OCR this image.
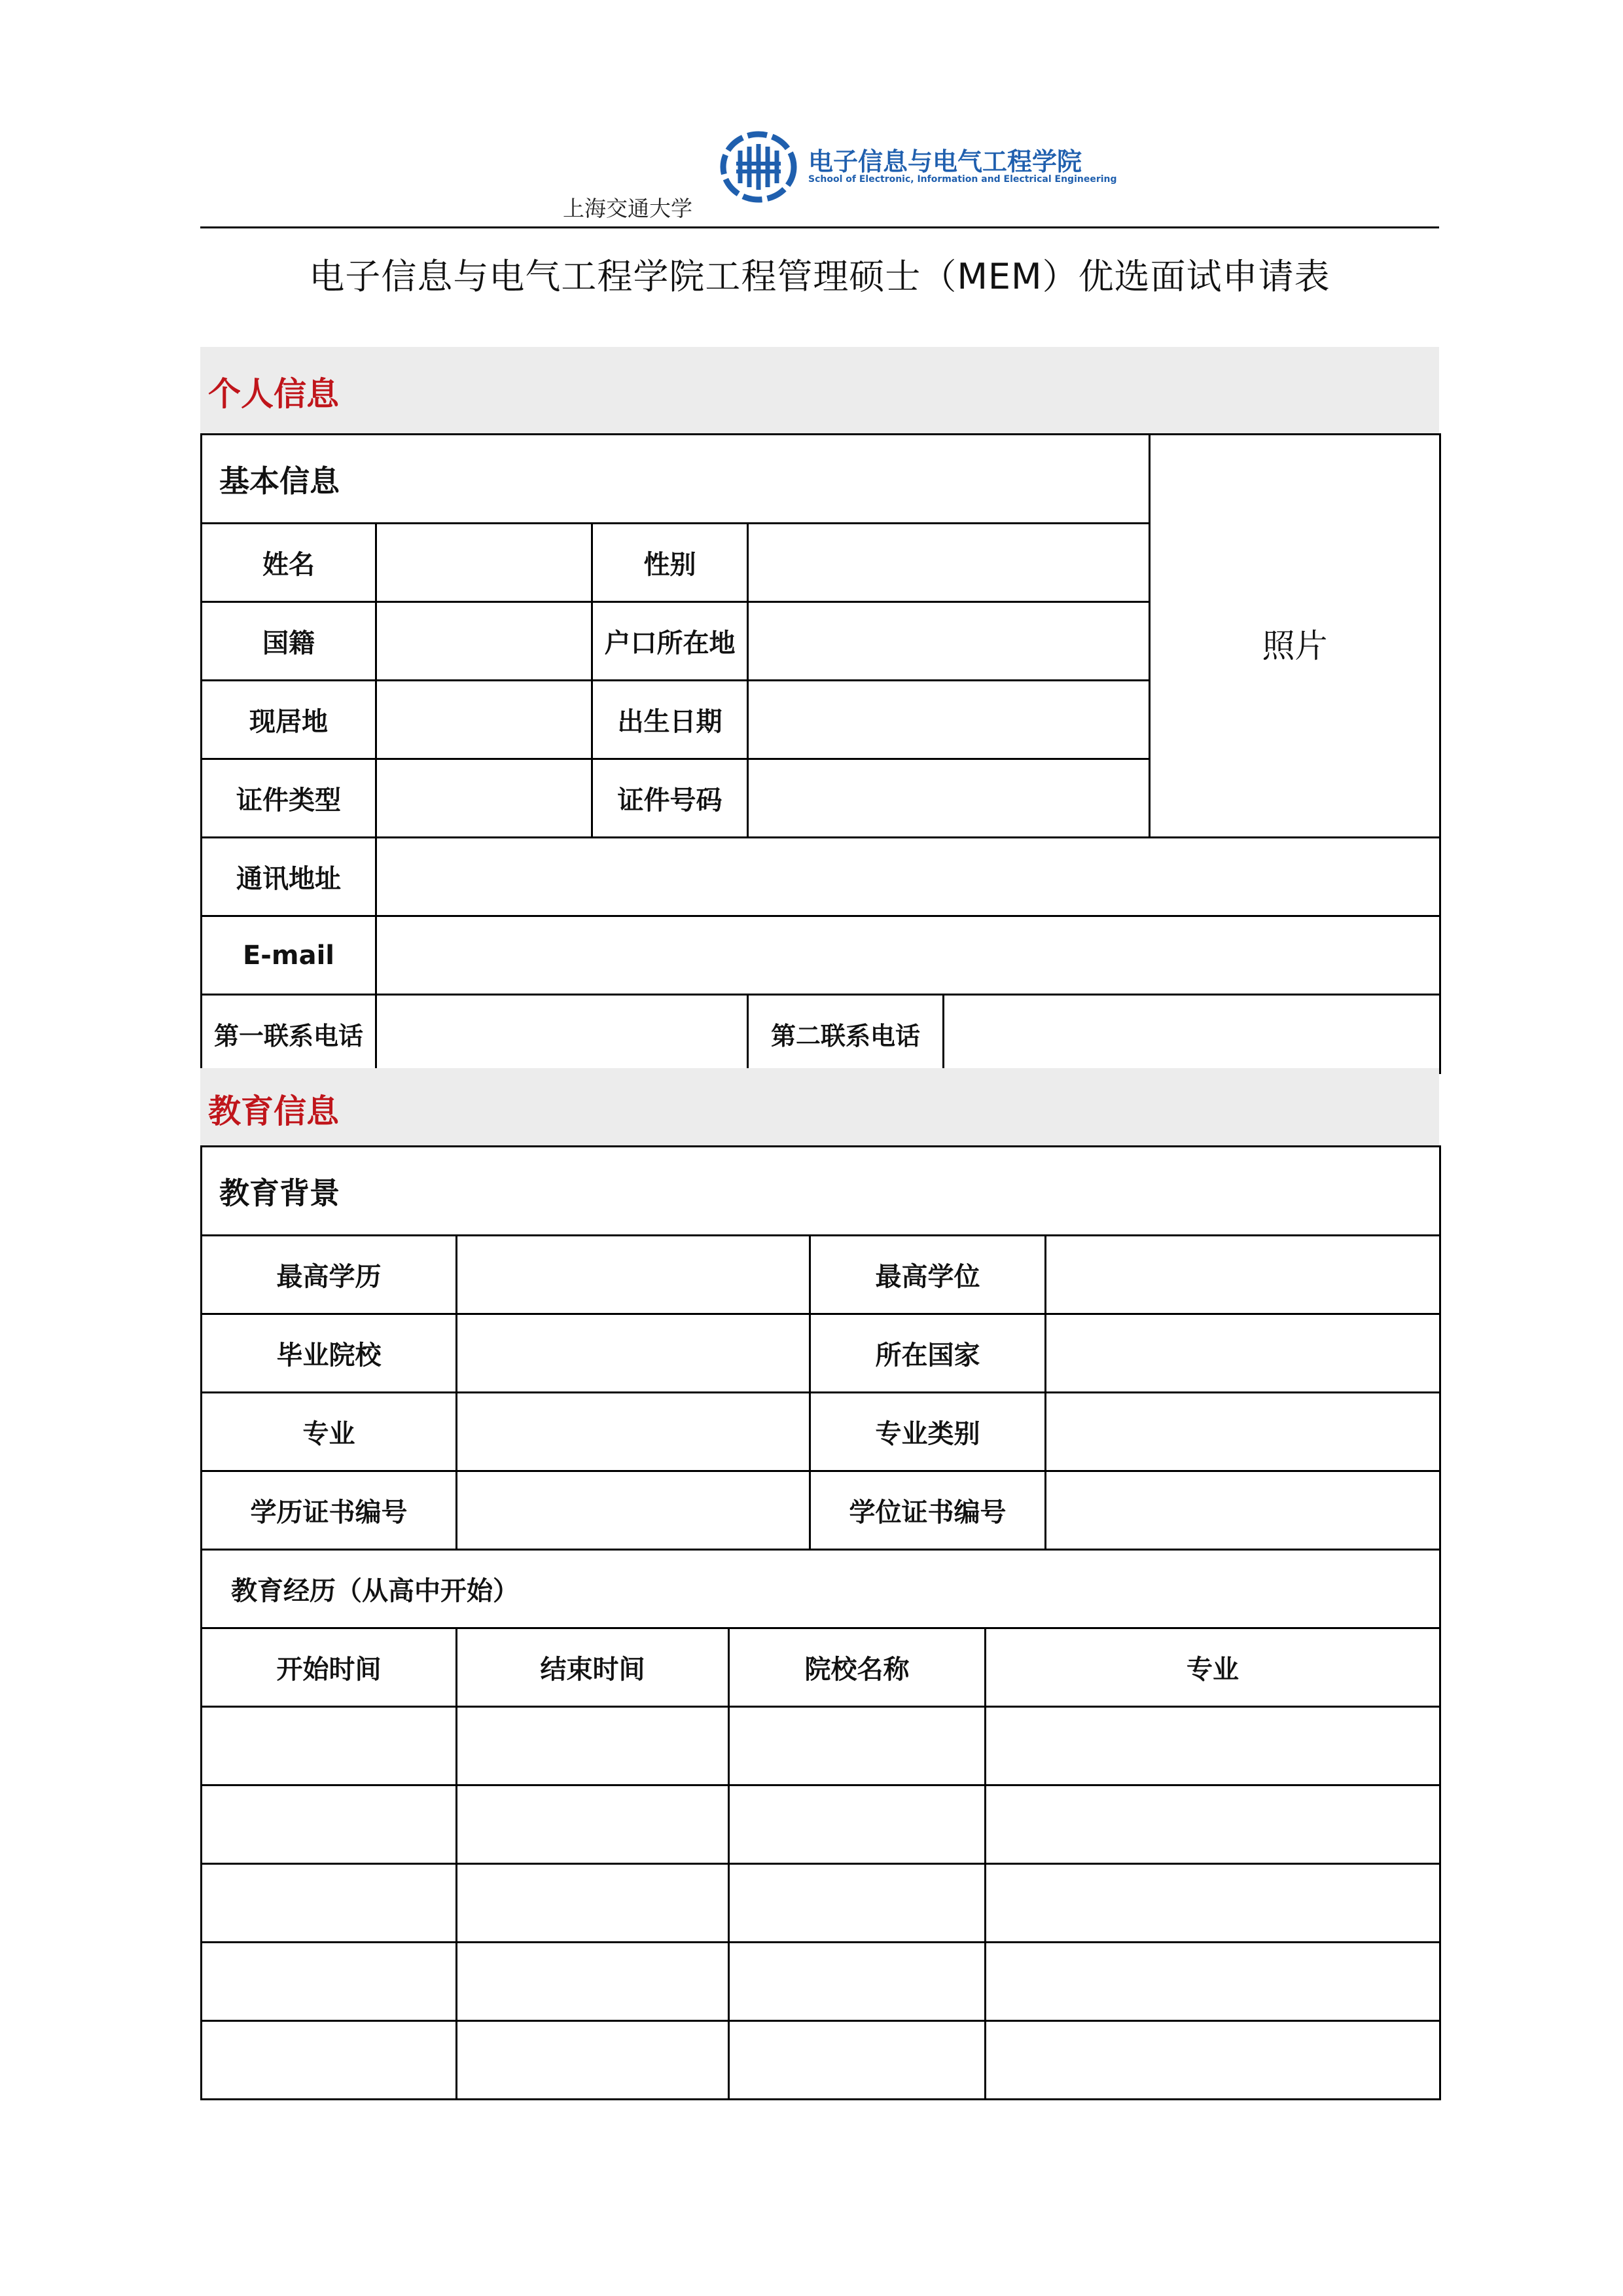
电子信息与电气工程学院
School of Electronic, Information and Electrical Engineering
上海交通大学
电子信息与电气工程学院工程管理硕士（MEM）优选面试申请表
个人信息
基本信息					照片
姓名		性别			
国籍		户口所在地			
现居地		出生日期			
证件类型		证件号码			
通讯地址					
E-mail					
第一联系电话			第二联系电话		
教育信息
教育背景			
最高学历		最高学位	
毕业院校		所在国家	
专业		专业类别	
学历证书编号		学位证书编号	
教育经历（从高中开始）			
开始时间	结束时间	院校名称	专业
